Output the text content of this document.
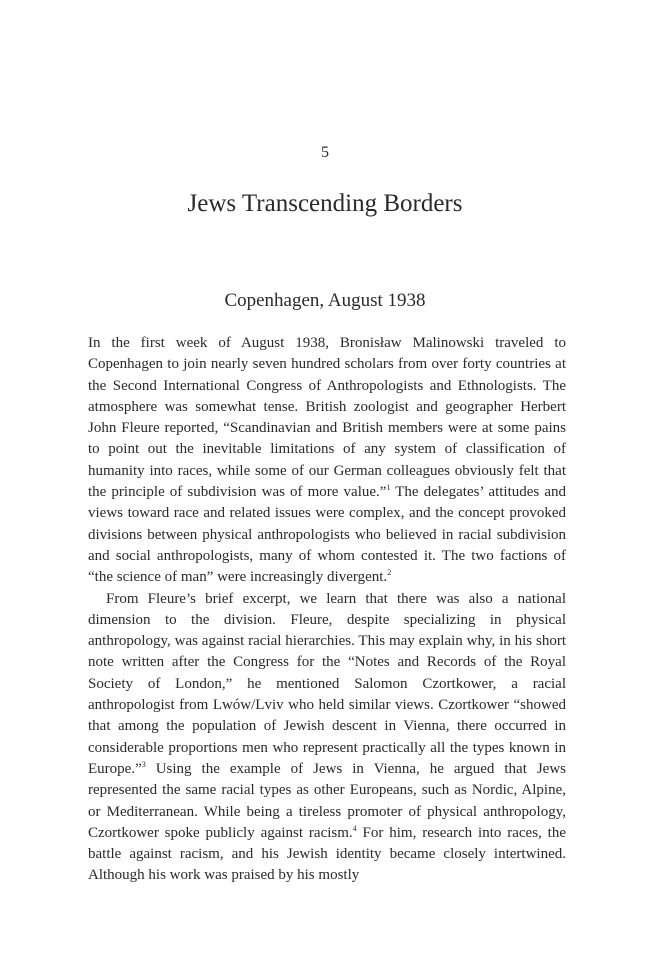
5
Jews Transcending Borders
Copenhagen, August 1938

In the first week of August 1938, Bronisław Malinowski traveled to Copenhagen to join nearly seven hundred scholars from over forty countries at the Second International Congress of Anthropologists and Ethnologists. The atmosphere was somewhat tense. British zoologist and geographer Herbert John Fleure reported, “Scandinavian and British members were at some pains to point out the inevitable limitations of any system of classification of humanity into races, while some of our German colleagues obviously felt that the principle of subdivision was of more value.”$^1$ The delegates’ attitudes and views toward race and related issues were complex, and the concept provoked divisions between physical anthropologists who believed in racial subdivision and social anthropologists, many of whom contested it. The two factions of “the science of man” were increasingly divergent.$^2$

From Fleure’s brief excerpt, we learn that there was also a national dimension to the division. Fleure, despite specializing in physical anthropology, was against racial hierarchies. This may explain why, in his short note written after the Congress for the “Notes and Records of the Royal Society of London,” he mentioned Salomon Czortkower, a racial anthropologist from Lwów/Lviv who held similar views. Czortkower “showed that among the population of Jewish descent in Vienna, there occurred in considerable proportions men who represent practically all the types known in Europe.”$^3$ Using the example of Jews in Vienna, he argued that Jews represented the same racial types as other Europeans, such as Nordic, Alpine, or Mediterranean. While being a tireless promoter of physical anthropology, Czortkower spoke publicly against racism.$^4$ For him, research into races, the battle against racism, and his Jewish identity became closely intertwined. Although his work was praised by his mostly
